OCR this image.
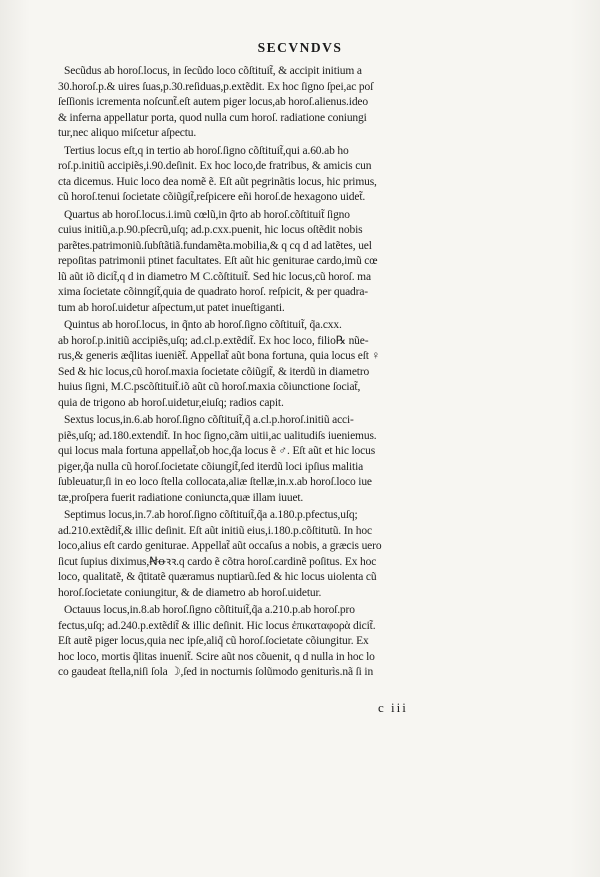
SECVNDVS
Secũdus ab horoſ.locus, in ſecũdo loco cõſtituit̃, & accipit initium a
30.horoſ.p.& uires ſuas,p.30.reſiduas,p.extẽdit. Ex hoc ſigno ſpei,ac poſ
ſeſſionis icrementa noſcunt̃.eſt autem piger locus,ab horoſ.alienus.ideo
& inferna appellatur porta, quod nulla cum horoſ. radiatione coniungi
tur,nec aliquo miſcetur aſpectu.
Tertius locus eſt,q in tertio ab horoſ.ſigno cõſtituit̃,qui a.60.ab ho
roſ.p.initiũ accipiẽs,i.90.deſinit. Ex hoc loco,de fratribus, & amicis cun
cta dicemus. Huic loco dea nomẽ ẽ. Eſt aũt pegrinãtis locus, hic primus,
cũ horoſ.tenui ſocietate cõiũgit̃,reſpicere eñi horoſ.de hexagono uidet̃.
Quartus ab horoſ.locus.i.imũ cœlũ,in q̃rto ab horoſ.cõſtituit̃ ſigno
cuius initiũ,a.p.90.pſecrũ,uſq; ad.p.cxx.puenit, hic locus oſtẽdit nobis
parẽtes.patrimoniũ.ſubſtãtiã.fundamẽta.mobilia,& q cq d ad latẽtes, uel
repoſitas patrimonii ptinet facultates. Eſt aũt hic geniturae cardo,imũ cœ
lũ aũt iõ dicit̃,q d in diametro M C.cõſtituit̃. Sed hic locus,cũ horoſ. ma
xima ſocietate cõinngit̃,quia de quadrato horoſ. reſpicit, & per quadra-
tum ab horoſ.uidetur aſpectum,ut patet inueſtiganti.
Quintus ab horoſ.locus, in q̃nto ab horoſ.ſigno cõſtituit̃, q̃a.cxx.
ab horoſ.p.initiũ accipiẽs,uſq; ad.cl.p.extẽdit̃. Ex hoc loco, filio℞ nũe-
rus,& generis æq̃litas iueniẽt̃. Appellat̃ aũt bona fortuna, quia locus eſt ♀
Sed & hic locus,cũ horoſ.maxia ſocietate cõiũgit̃, & iterdũ in diametro
huius ſigni, M.C.pscõſtituit̃.iõ aũt cũ horoſ.maxia cõiunctione ſociat̃,
quia de trigono ab horoſ.uidetur,eiuſq; radios capit.
Sextus locus,in.6.ab horoſ.ſigno cõſtituit̃,q̃ a.cl.p.horoſ.initiũ acci-
piẽs,uſq; ad.180.extendit̃. In hoc ſigno,cãm uitii,ac ualitudiſs iueniemus.
qui locus mala fortuna appellat̃,ob hoc,q̃a locus ẽ ♂. Eſt aũt et hic locus
piger,q̃a nulla cũ horoſ.ſocietate cõiungit̃,ſed iterdũ loci ipſius malitia
ſubleuatur,ſi in eo loco ſtella collocata,aliæ ſtellæ,in.x.ab horoſ.loco iue
tæ,proſpera fuerit radiatione coniuncta,quæ illam iuuet.
Septimus locus,in.7.ab horoſ.ſigno cõſtituit̃,q̃a a.180.p.pfectus,uſq;
ad.210.extẽdit̃,& illic deſinit. Eſt aũt initiũ eius,i.180.p.cõſtitutũ. In hoc
loco,alius eſt cardo geniturae. Appellat̃ aũt occaſus a nobis, a græcis uero
ſicut ſupius diximus,Ꞥꝋꝛꝛ.q cardo ẽ cõtra horoſ.cardinẽ poſitus. Ex hoc
loco, qualitatẽ, & q̃titatẽ quæramus nuptiarũ.ſed & hic locus uiolenta cũ
horoſ.ſocietate coniungitur, & de diametro ab horoſ.uidetur.
Octauus locus,in.8.ab horoſ.ſigno cõſtituit̃,q̃a a.210.p.ab horoſ.pro
fectus,uſq; ad.240.p.extẽdit̃ & illic deſinit. Hic locus ἐπικαταφορὰ dicit̃.
Eſt autẽ piger locus,quia nec ipſe,aliq̃ cũ horoſ.ſocietate cõiungitur. Ex
hoc loco, mortis q̃litas inuenit̃. Scire aũt nos cõuenit, q d nulla in hoc lo
co gaudeat ſtella,niſi ſola ☽,ſed in nocturnis ſolũmodo geniturìs.nã ſi in
c iii
